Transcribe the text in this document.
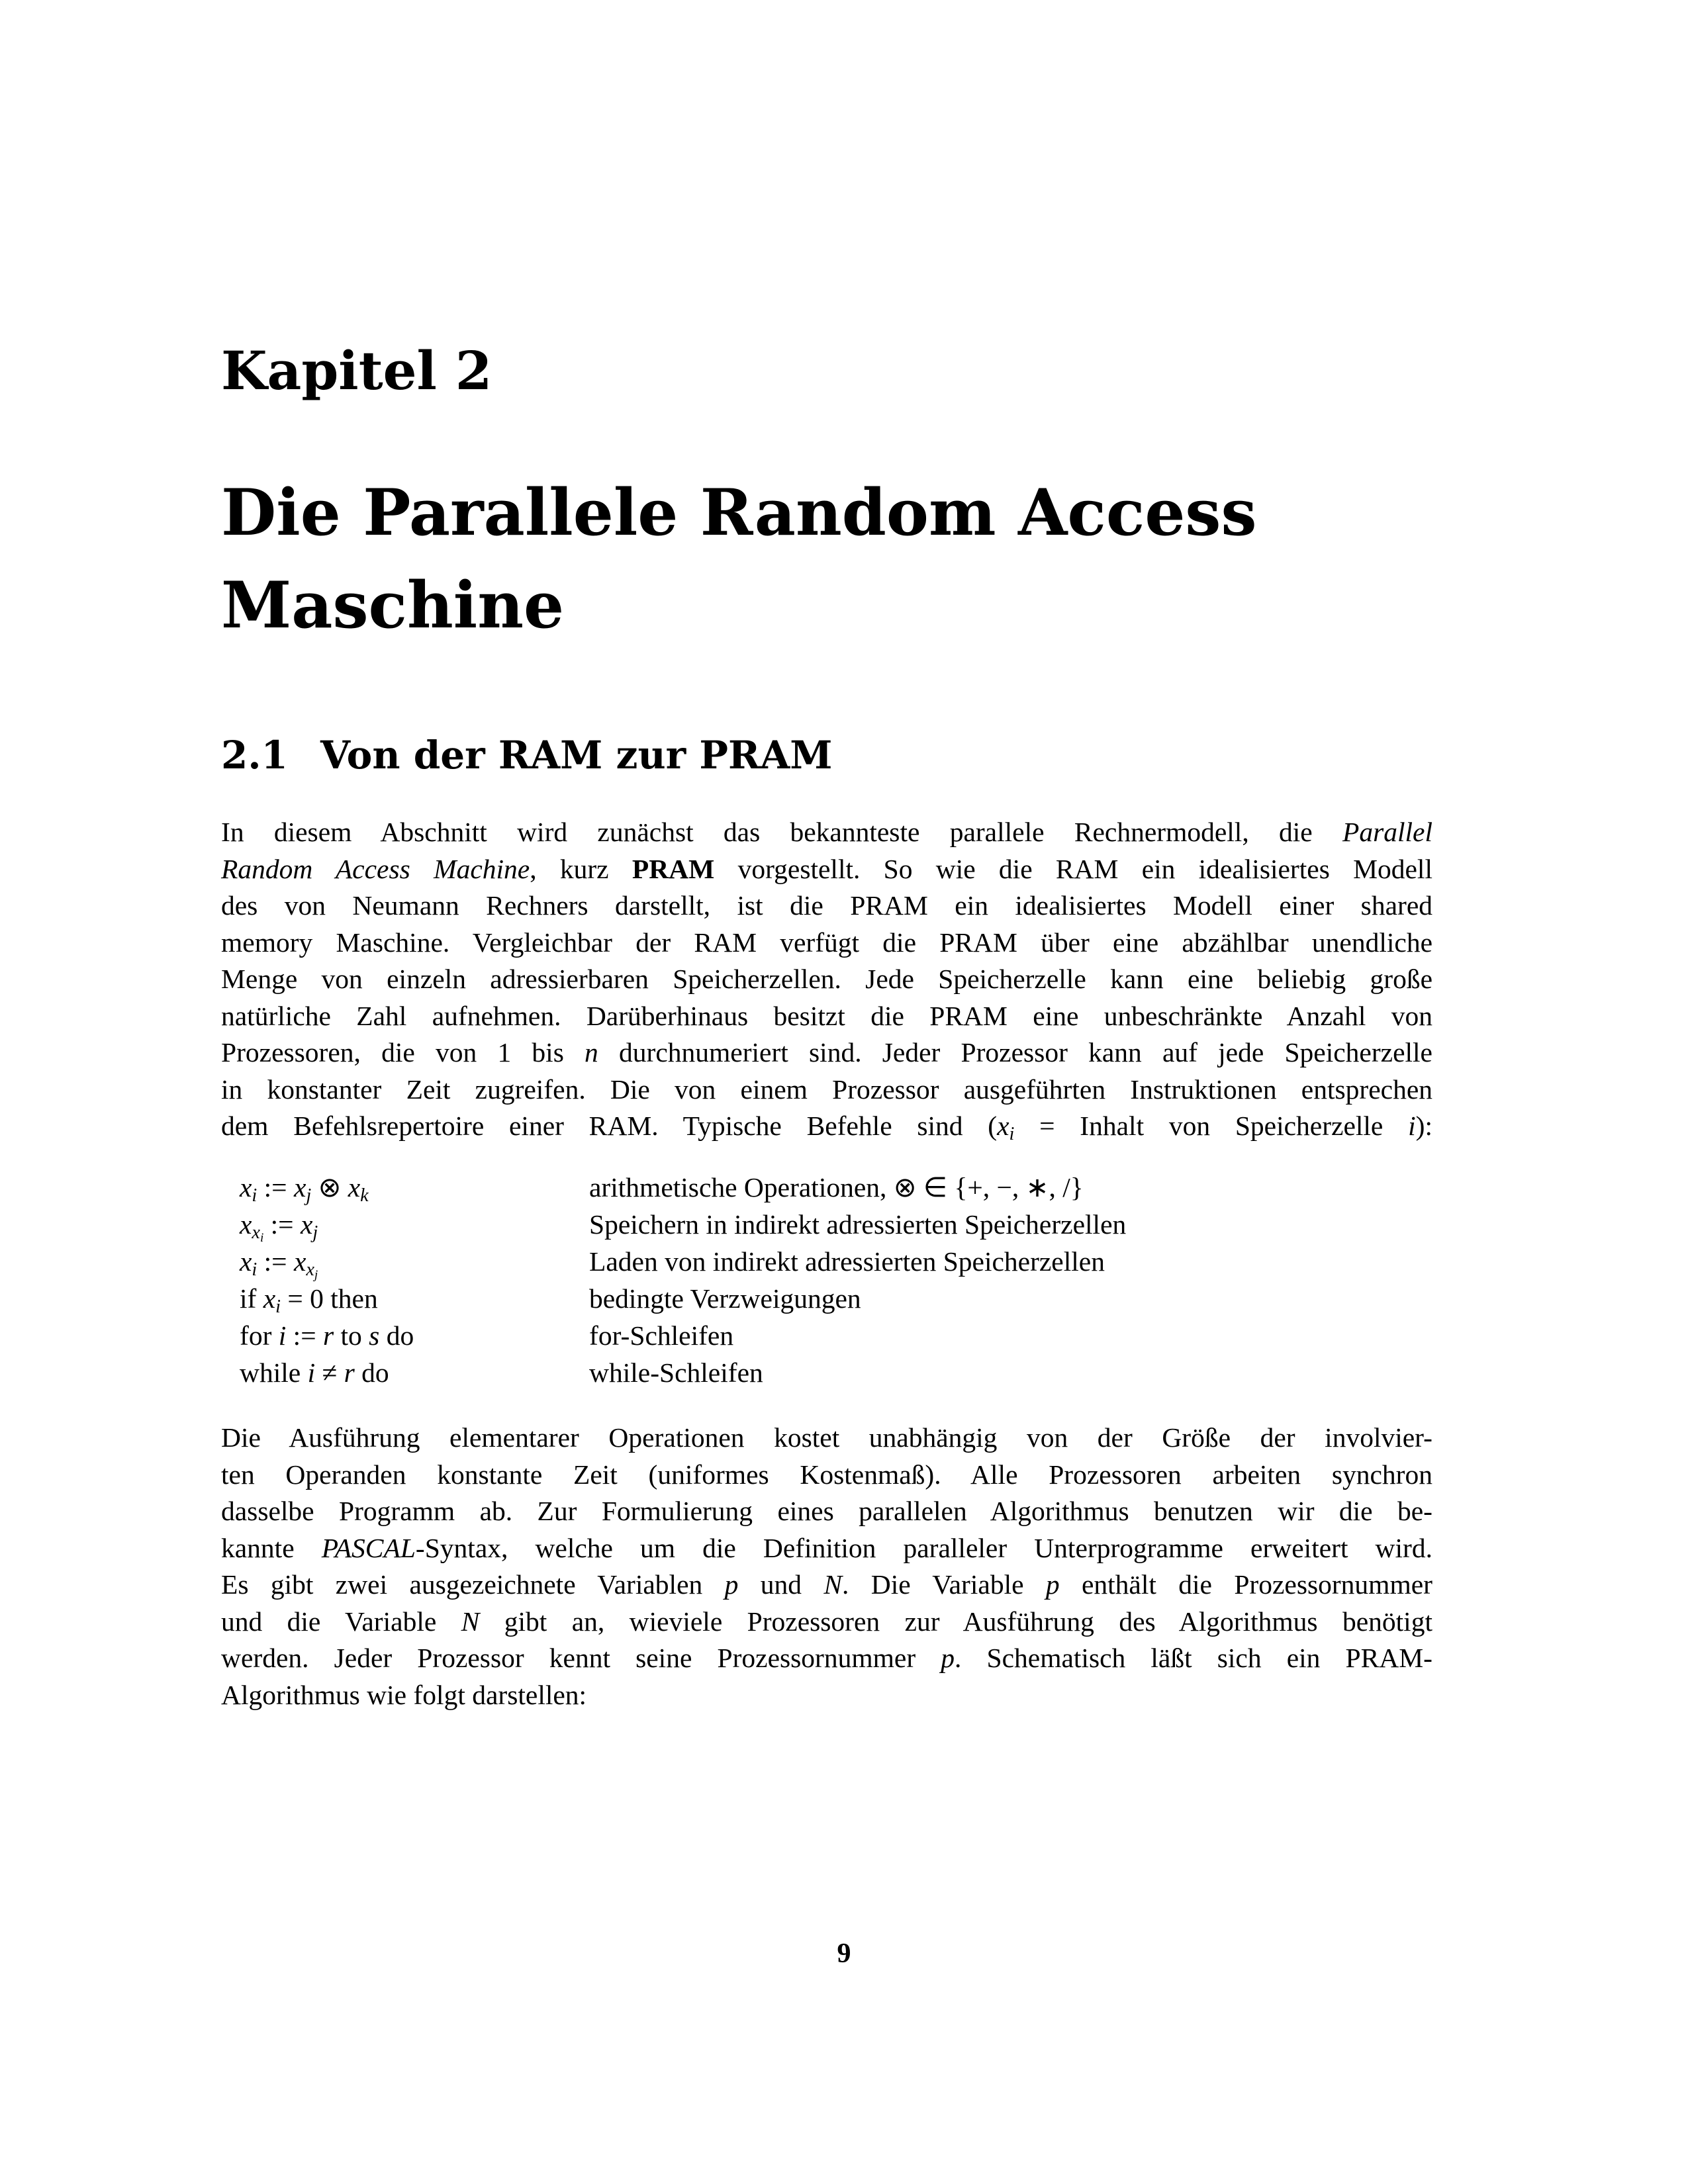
Kapitel 2
Die Parallele Random Access
Maschine
2.1 Von der RAM zur PRAM
In diesem Abschnitt wird zunächst das bekannteste parallele Rechnermodell, die Parallel
Random Access Machine, kurz PRAM vorgestellt. So wie die RAM ein idealisiertes Modell
des von Neumann Rechners darstellt, ist die PRAM ein idealisiertes Modell einer shared
memory Maschine. Vergleichbar der RAM verfügt die PRAM über eine abzählbar unendliche
Menge von einzeln adressierbaren Speicherzellen. Jede Speicherzelle kann eine beliebig große
natürliche Zahl aufnehmen. Darüberhinaus besitzt die PRAM eine unbeschränkte Anzahl von
Prozessoren, die von 1 bis n durchnumeriert sind. Jeder Prozessor kann auf jede Speicherzelle
in konstanter Zeit zugreifen. Die von einem Prozessor ausgeführten Instruktionen entsprechen
dem Befehlsrepertoire einer RAM. Typische Befehle sind ($x_i$ = Inhalt von Speicherzelle i):
$x_i$ := $x_j$ ⊗ $x_k$	arithmetische Operationen, ⊗ ∈ {+, −, ∗, /}
$x_{x_i}$ := $x_j$	Speichern in indirekt adressierten Speicherzellen
$x_i$ := $x_{x_j}$	Laden von indirekt adressierten Speicherzellen
if $x_i = 0$ then	bedingte Verzweigungen
for i := r to s do	for-Schleifen
while i ≠ r do	while-Schleifen
Die Ausführung elementarer Operationen kostet unabhängig von der Größe der involvier-
ten Operanden konstante Zeit (uniformes Kostenmaß). Alle Prozessoren arbeiten synchron
dasselbe Programm ab. Zur Formulierung eines parallelen Algorithmus benutzen wir die be-
kannte PASCAL-Syntax, welche um die Definition paralleler Unterprogramme erweitert wird.
Es gibt zwei ausgezeichnete Variablen p und N. Die Variable p enthält die Prozessornummer
und die Variable N gibt an, wieviele Prozessoren zur Ausführung des Algorithmus benötigt
werden. Jeder Prozessor kennt seine Prozessornummer p. Schematisch läßt sich ein PRAM-
Algorithmus wie folgt darstellen:
9
